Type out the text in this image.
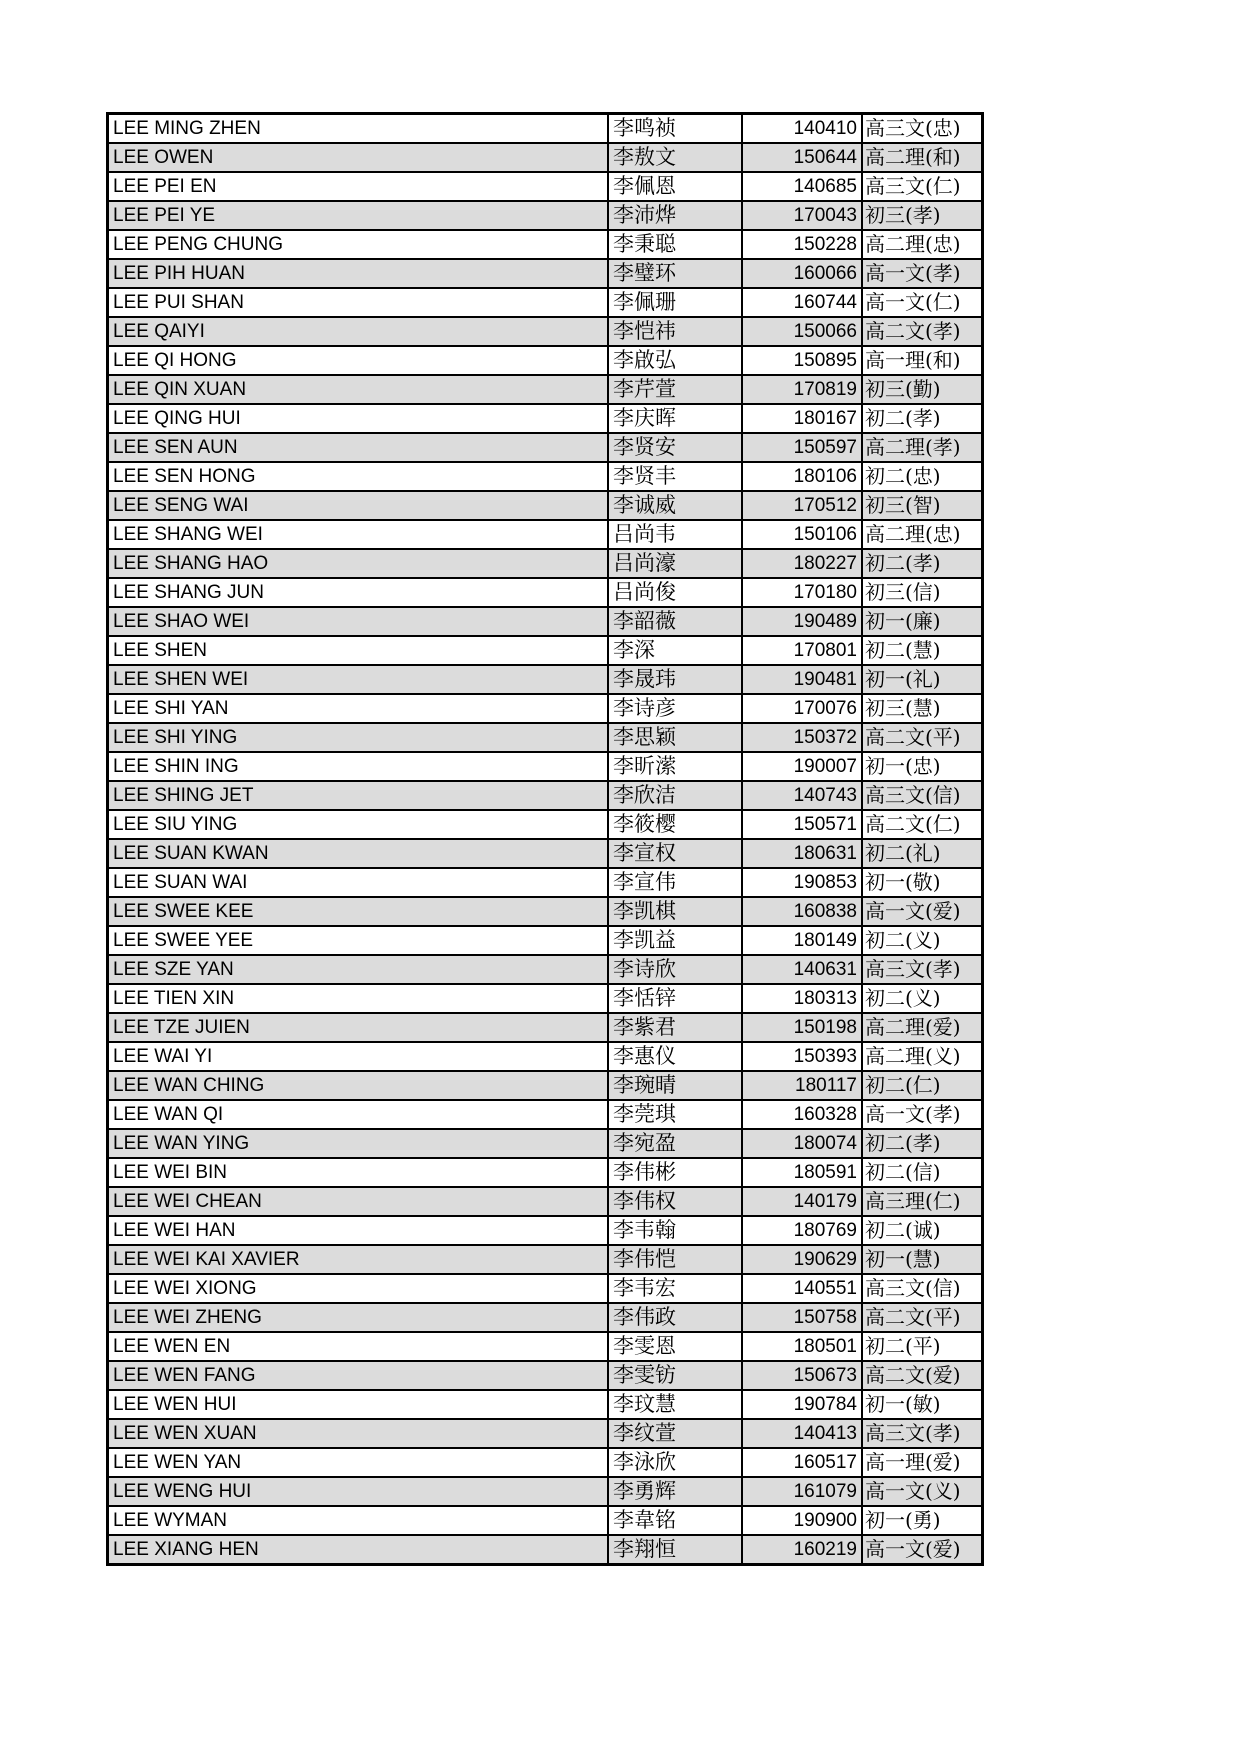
LEE MING ZHEN	李鸣祯	140410	高三文(忠)
LEE OWEN	李敖文	150644	高二理(和)
LEE PEI EN	李佩恩	140685	高三文(仁)
LEE PEI YE	李沛烨	170043	初三(孝)
LEE PENG CHUNG	李秉聪	150228	高二理(忠)
LEE PIH HUAN	李璧环	160066	高一文(孝)
LEE PUI SHAN	李佩珊	160744	高一文(仁)
LEE QAIYI	李恺祎	150066	高二文(孝)
LEE QI HONG	李啟弘	150895	高一理(和)
LEE QIN XUAN	李芹萱	170819	初三(勤)
LEE QING HUI	李庆晖	180167	初二(孝)
LEE SEN AUN	李贤安	150597	高二理(孝)
LEE SEN HONG	李贤丰	180106	初二(忠)
LEE SENG WAI	李诚威	170512	初三(智)
LEE SHANG WEI	吕尚韦	150106	高二理(忠)
LEE SHANG HAO	吕尚濠	180227	初二(孝)
LEE SHANG JUN	吕尚俊	170180	初三(信)
LEE SHAO WEI	李韶薇	190489	初一(廉)
LEE SHEN	李深	170801	初二(慧)
LEE SHEN WEI	李晟玮	190481	初一(礼)
LEE SHI YAN	李诗彦	170076	初三(慧)
LEE SHI YING	李思颖	150372	高二文(平)
LEE SHIN ING	李昕潆	190007	初一(忠)
LEE SHING JET	李欣洁	140743	高三文(信)
LEE SIU YING	李筱樱	150571	高二文(仁)
LEE SUAN KWAN	李宣权	180631	初二(礼)
LEE SUAN WAI	李宣伟	190853	初一(敬)
LEE SWEE KEE	李凯棋	160838	高一文(爱)
LEE SWEE YEE	李凯益	180149	初二(义)
LEE SZE YAN	李诗欣	140631	高三文(孝)
LEE TIEN XIN	李恬锌	180313	初二(义)
LEE TZE JUIEN	李紫君	150198	高二理(爱)
LEE WAI YI	李惠仪	150393	高二理(义)
LEE WAN CHING	李琬晴	180117	初二(仁)
LEE WAN QI	李莞琪	160328	高一文(孝)
LEE WAN YING	李宛盈	180074	初二(孝)
LEE WEI BIN	李伟彬	180591	初二(信)
LEE WEI CHEAN	李伟权	140179	高三理(仁)
LEE WEI HAN	李韦翰	180769	初二(诚)
LEE WEI KAI XAVIER	李伟恺	190629	初一(慧)
LEE WEI XIONG	李韦宏	140551	高三文(信)
LEE WEI ZHENG	李伟政	150758	高二文(平)
LEE WEN EN	李雯恩	180501	初二(平)
LEE WEN FANG	李雯钫	150673	高二文(爱)
LEE WEN HUI	李玟慧	190784	初一(敏)
LEE WEN XUAN	李纹萱	140413	高三文(孝)
LEE WEN YAN	李泳欣	160517	高一理(爱)
LEE WENG HUI	李勇辉	161079	高一文(义)
LEE WYMAN	李韋铭	190900	初一(勇)
LEE XIANG HEN	李翔恒	160219	高一文(爱)
